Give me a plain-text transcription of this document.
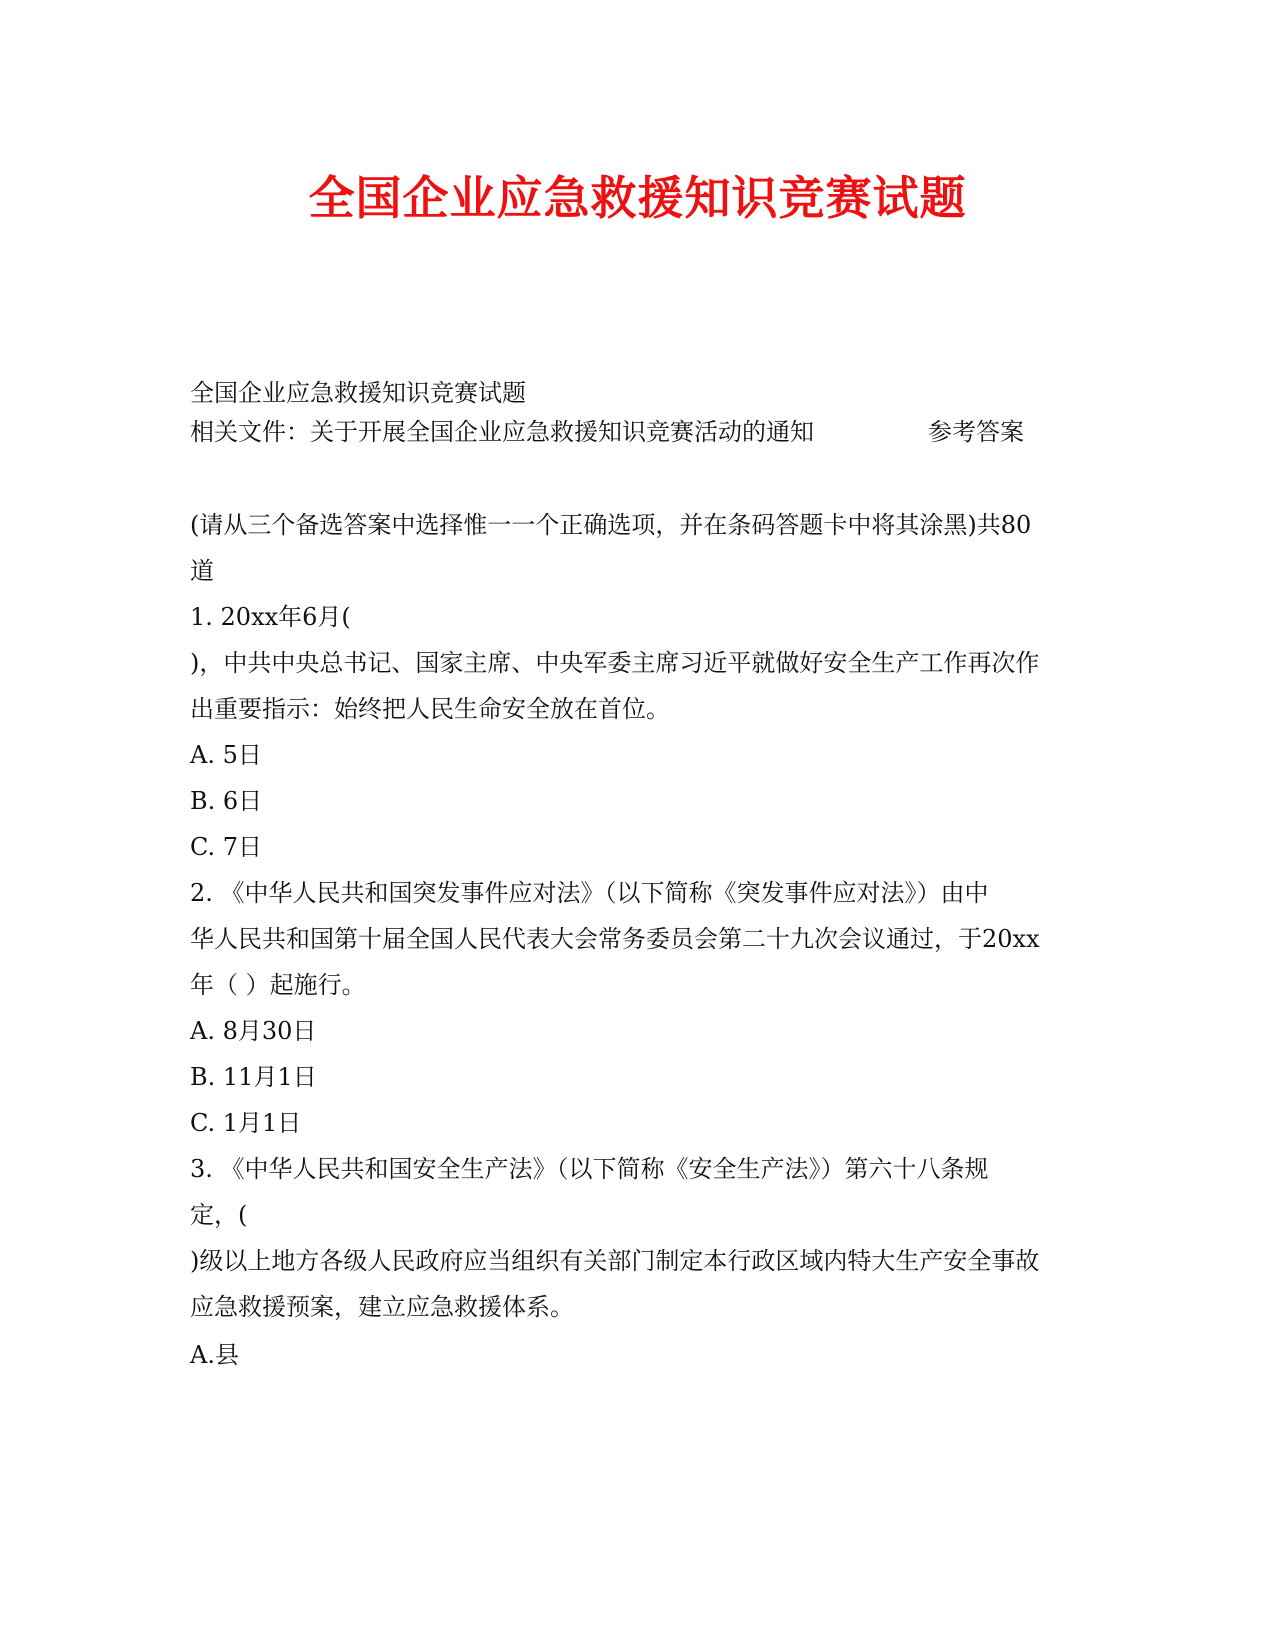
全国企业应急救援知识竞赛试题
全国企业应急救援知识竞赛试题
相关文件：关于开展全国企业应急救援知识竞赛活动的通知	参考答案
(请从三个备选答案中选择惟一一个正确选项，并在条码答题卡中将其涂黑)共80
道
1. 20xx年6月(
)，中共中央总书记、国家主席、中央军委主席习近平就做好安全生产工作再次作
出重要指示：始终把人民生命安全放在首位。
A. 5日
B. 6日
C. 7日
2. 《中华人民共和国突发事件应对法》（以下简称《突发事件应对法》）由中
华人民共和国第十届全国人民代表大会常务委员会第二十九次会议通过，于20xx
年（ ）起施行。
A. 8月30日
B. 11月1日
C. 1月1日
3. 《中华人民共和国安全生产法》（以下简称《安全生产法》）第六十八条规
定，(
)级以上地方各级人民政府应当组织有关部门制定本行政区域内特大生产安全事故
应急救援预案，建立应急救援体系。
A.县
